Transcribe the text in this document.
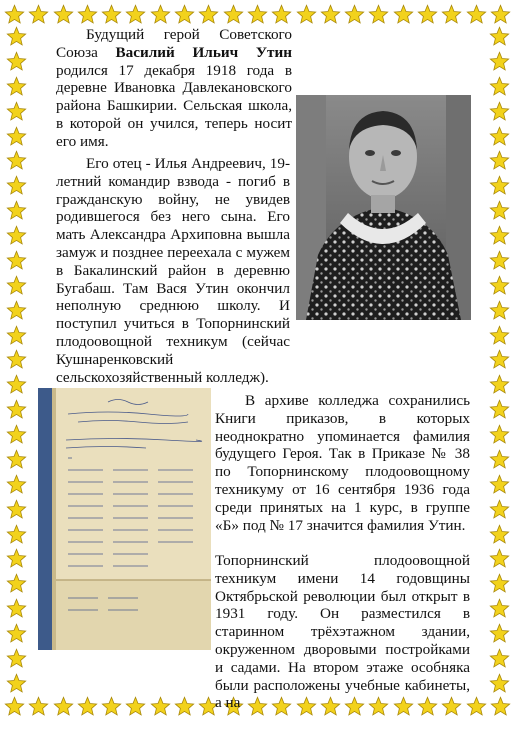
Будущий герой Советского Союза Василий Ильич Утин родился 17 декабря 1918 года в деревне Ивановка Давлекановского района Башкирии. Сельская школа, в которой он учился, теперь носит его имя.

Его отец - Илья Андреевич, 19-летний командир взвода - погиб в гражданскую войну, не увидев родившегося без него сына. Его мать Александра Архиповна вышла замуж и позднее переехала с мужем в Бакалинский район в деревню Бугабаш. Там Вася Утин окончил неполную среднюю школу. И поступил учиться в Топорнинский плодоовощной техникум (сейчас Кушнаренковский сельскохозяйственный колледж).

В архиве колледжа сохранились Книги приказов, в которых неоднократно упоминается фамилия будущего Героя. Так в Приказе № 38 по Топорнинскому плодоовощному техникуму от 16 сентября 1936 года среди принятых на 1 курс, в группе «Б» под № 17 значится фамилия Утин.

Топорнинский плодоовощной техникум имени 14 годовщины Октябрьской революции был открыт в 1931 году. Он разместился в старинном трёхэтажном здании, окруженном дворовыми постройками и садами. На втором этаже особняка были расположены учебные кабинеты, а на
